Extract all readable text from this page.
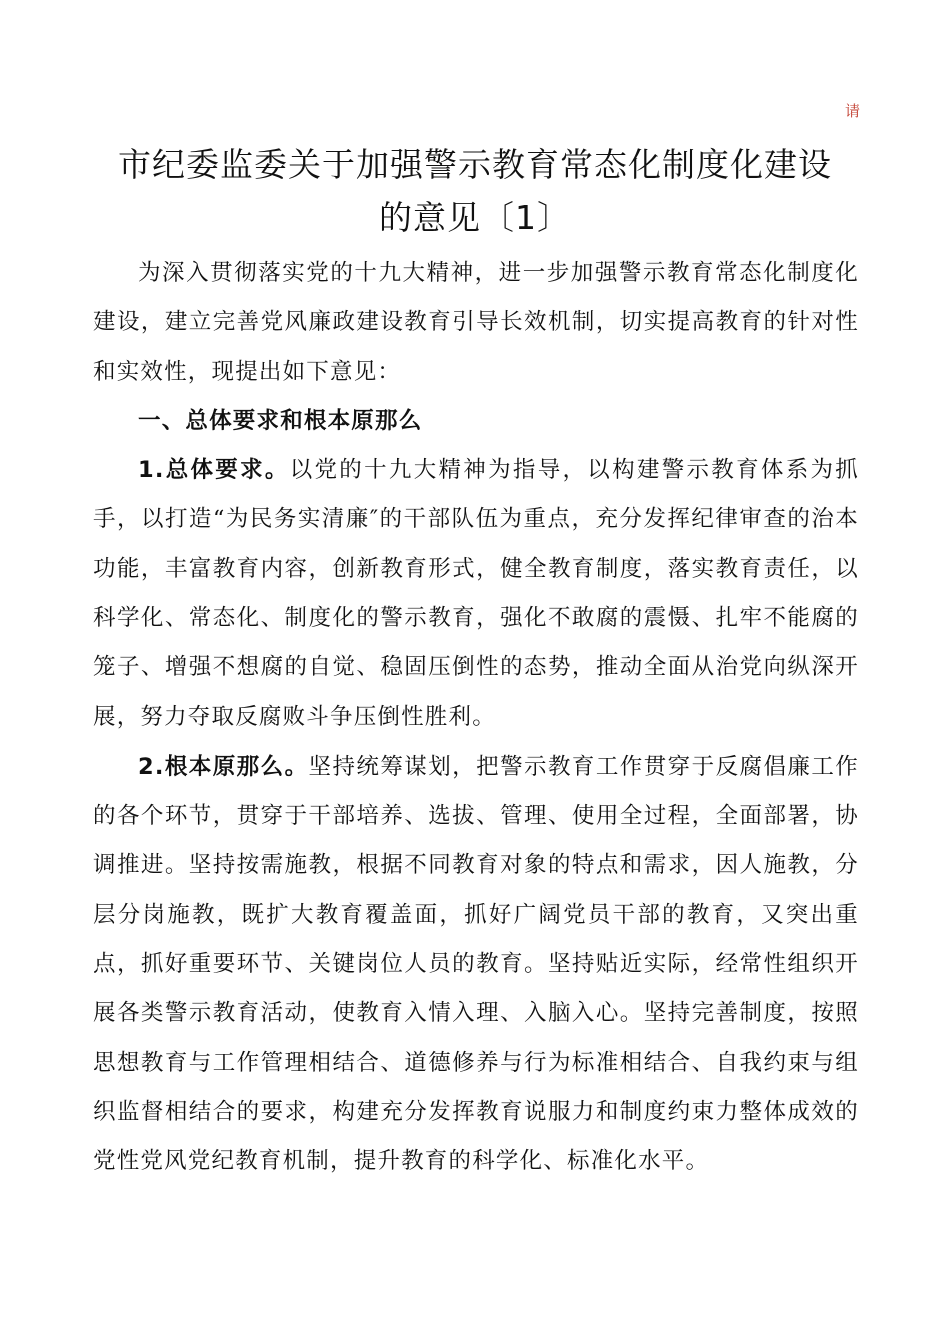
请
市纪委监委关于加强警示教育常态化制度化建设
的意见〔1〕

为深入贯彻落实党的十九大精神，进一步加强警示教育常态化制度化建设，建立完善党风廉政建设教育引导长效机制，切实提高教育的针对性和实效性，现提出如下意见：

一、总体要求和根本原那么

1.总体要求。以党的十九大精神为指导，以构建警示教育体系为抓手，以打造“为民务实清廉″的干部队伍为重点，充分发挥纪律审查的治本功能，丰富教育内容，创新教育形式，健全教育制度，落实教育责任，以科学化、常态化、制度化的警示教育，强化不敢腐的震慑、扎牢不能腐的笼子、增强不想腐的自觉、稳固压倒性的态势，推动全面从治党向纵深开展，努力夺取反腐败斗争压倒性胜利。

2.根本原那么。坚持统筹谋划，把警示教育工作贯穿于反腐倡廉工作的各个环节，贯穿于干部培养、选拔、管理、使用全过程，全面部署，协调推进。坚持按需施教，根据不同教育对象的特点和需求，因人施教，分层分岗施教，既扩大教育覆盖面，抓好广阔党员干部的教育，又突出重点，抓好重要环节、关键岗位人员的教育。坚持贴近实际，经常性组织开展各类警示教育活动，使教育入情入理、入脑入心。坚持完善制度，按照思想教育与工作管理相结合、道德修养与行为标准相结合、自我约束与组织监督相结合的要求，构建充分发挥教育说服力和制度约束力整体成效的党性党风党纪教育机制，提升教育的科学化、标准化水平。
